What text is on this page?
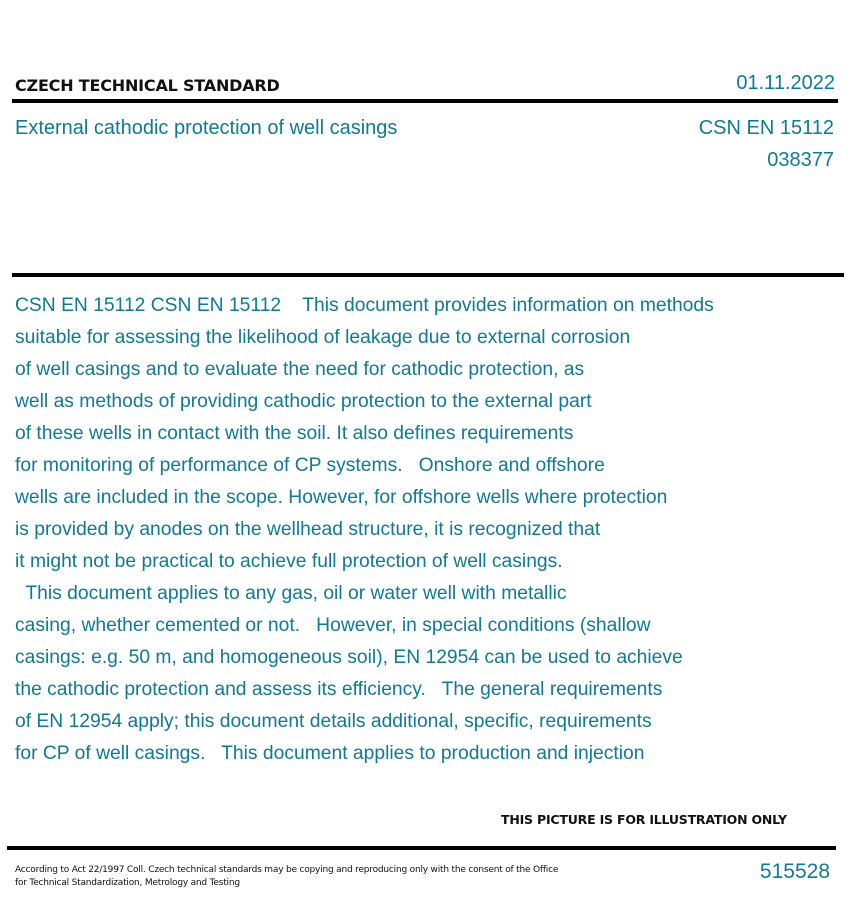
CZECH TECHNICAL STANDARD	01.11.2022
External cathodic protection of well casings	CSN EN 15112
038377
CSN EN 15112 CSN EN 15112    This document provides information on methods
suitable for assessing the likelihood of leakage due to external corrosion
of well casings and to evaluate the need for cathodic protection, as
well as methods of providing cathodic protection to the external part
of these wells in contact with the soil. It also defines requirements
for monitoring of performance of CP systems.   Onshore and offshore
wells are included in the scope. However, for offshore wells where protection
is provided by anodes on the wellhead structure, it is recognized that
it might not be practical to achieve full protection of well casings.
This document applies to any gas, oil or water well with metallic
casing, whether cemented or not.   However, in special conditions (shallow
casings: e.g. 50 m, and homogeneous soil), EN 12954 can be used to achieve
the cathodic protection and assess its efficiency.   The general requirements
of EN 12954 apply; this document details additional, specific, requirements
for CP of well casings.   This document applies to production and injection
THIS PICTURE IS FOR ILLUSTRATION ONLY
According to Act 22/1997 Coll. Czech technical standards may be copying and reproducing only with the consent of the Office
for Technical Standardization, Metrology and Testing	515528
